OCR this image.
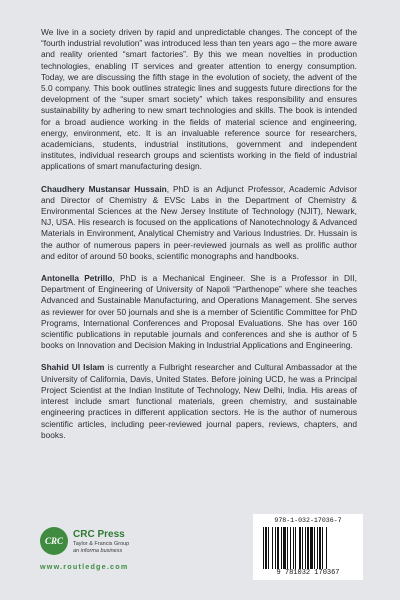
We live in a society driven by rapid and unpredictable changes. The concept of the “fourth industrial revolution” was introduced less than ten years ago – the more aware and reality oriented “smart factories”. By this we mean novelties in production technologies, enabling IT services and greater attention to energy consumption. Today, we are discussing the fifth stage in the evolution of society, the advent of the 5.0 company. This book outlines strategic lines and suggests future directions for the development of the “super smart society” which takes responsibility and ensures sustainability by adhering to new smart technologies and skills. The book is intended for a broad audience working in the fields of material science and engineering, energy, environment, etc. It is an invaluable reference source for researchers, academicians, students, industrial institutions, government and independent institutes, individual research groups and scientists working in the field of industrial applications of smart manufacturing design.

Chaudhery Mustansar Hussain, PhD is an Adjunct Professor, Academic Advisor and Director of Chemistry & EVSc Labs in the Department of Chemistry & Environmental Sciences at the New Jersey Institute of Technology (NJIT), Newark, NJ, USA. His research is focused on the applications of Nanotechnology & Advanced Materials in Environment, Analytical Chemistry and Various Industries. Dr. Hussain is the author of numerous papers in peer-reviewed journals as well as prolific author and editor of around 50 books, scientific monographs and handbooks.

Antonella Petrillo, PhD is a Mechanical Engineer. She is a Professor in DII, Department of Engineering of University of Napoli “Parthenope” where she teaches Advanced and Sustainable Manufacturing, and Operations Management. She serves as reviewer for over 50 journals and she is a member of Scientific Committee for PhD Programs, International Conferences and Proposal Evaluations. She has over 160 scientific publications in reputable journals and conferences and she is author of 5 books on Innovation and Decision Making in Industrial Applications and Engineering.

Shahid Ul Islam is currently a Fulbright researcher and Cultural Ambassador at the University of California, Davis, United States. Before joining UCD, he was a Principal Project Scientist at the Indian Institute of Technology, New Delhi, India. His areas of interest include smart functional materials, green chemistry, and sustainable engineering practices in different application sectors. He is the author of numerous scientific articles, including peer-reviewed journal papers, reviews, chapters, and books.

CRC
CRC Press
Taylor & Francis Group
an informa business
www.routledge.com
978-1-032-17036-7
9 781032 170367
